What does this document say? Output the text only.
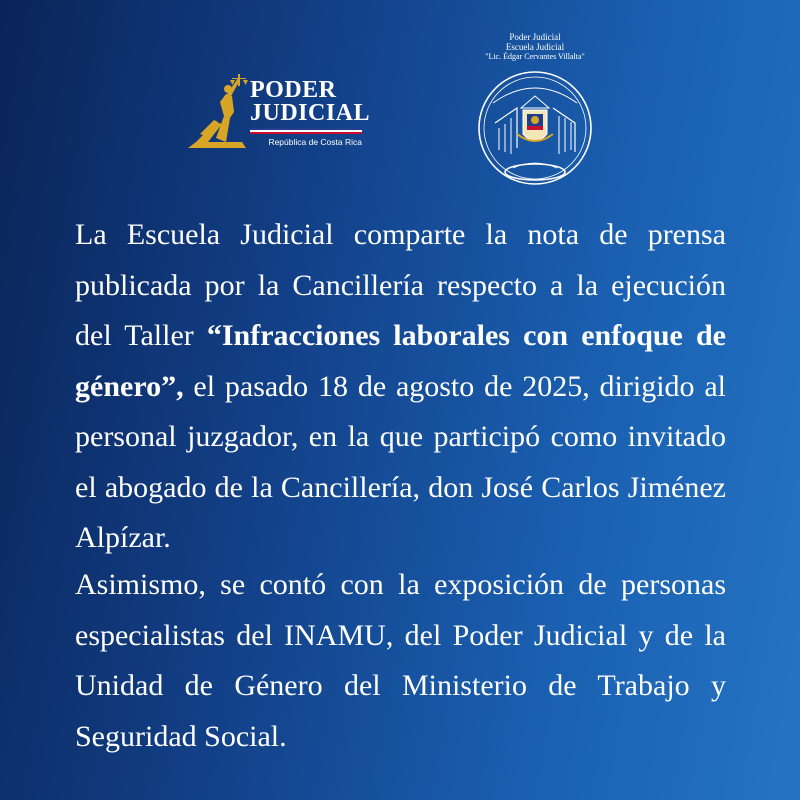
PODER
JUDICIAL
República de Costa Rica
Poder Judicial
Escuela Judicial
"Lic. Édgar Cervantes Villalta"

La Escuela Judicial comparte la nota de prensa publicada por la Cancillería respecto a la ejecución del Taller “Infracciones laborales con enfoque de género”, el pasado 18 de agosto de 2025, dirigido al personal juzgador, en la que participó como invitado el abogado de la Cancillería, don José Carlos Jiménez Alpízar.

Asimismo, se contó con la exposición de personas especialistas del INAMU, del Poder Judicial y de la Unidad de Género del Ministerio de Trabajo y Seguridad Social.
